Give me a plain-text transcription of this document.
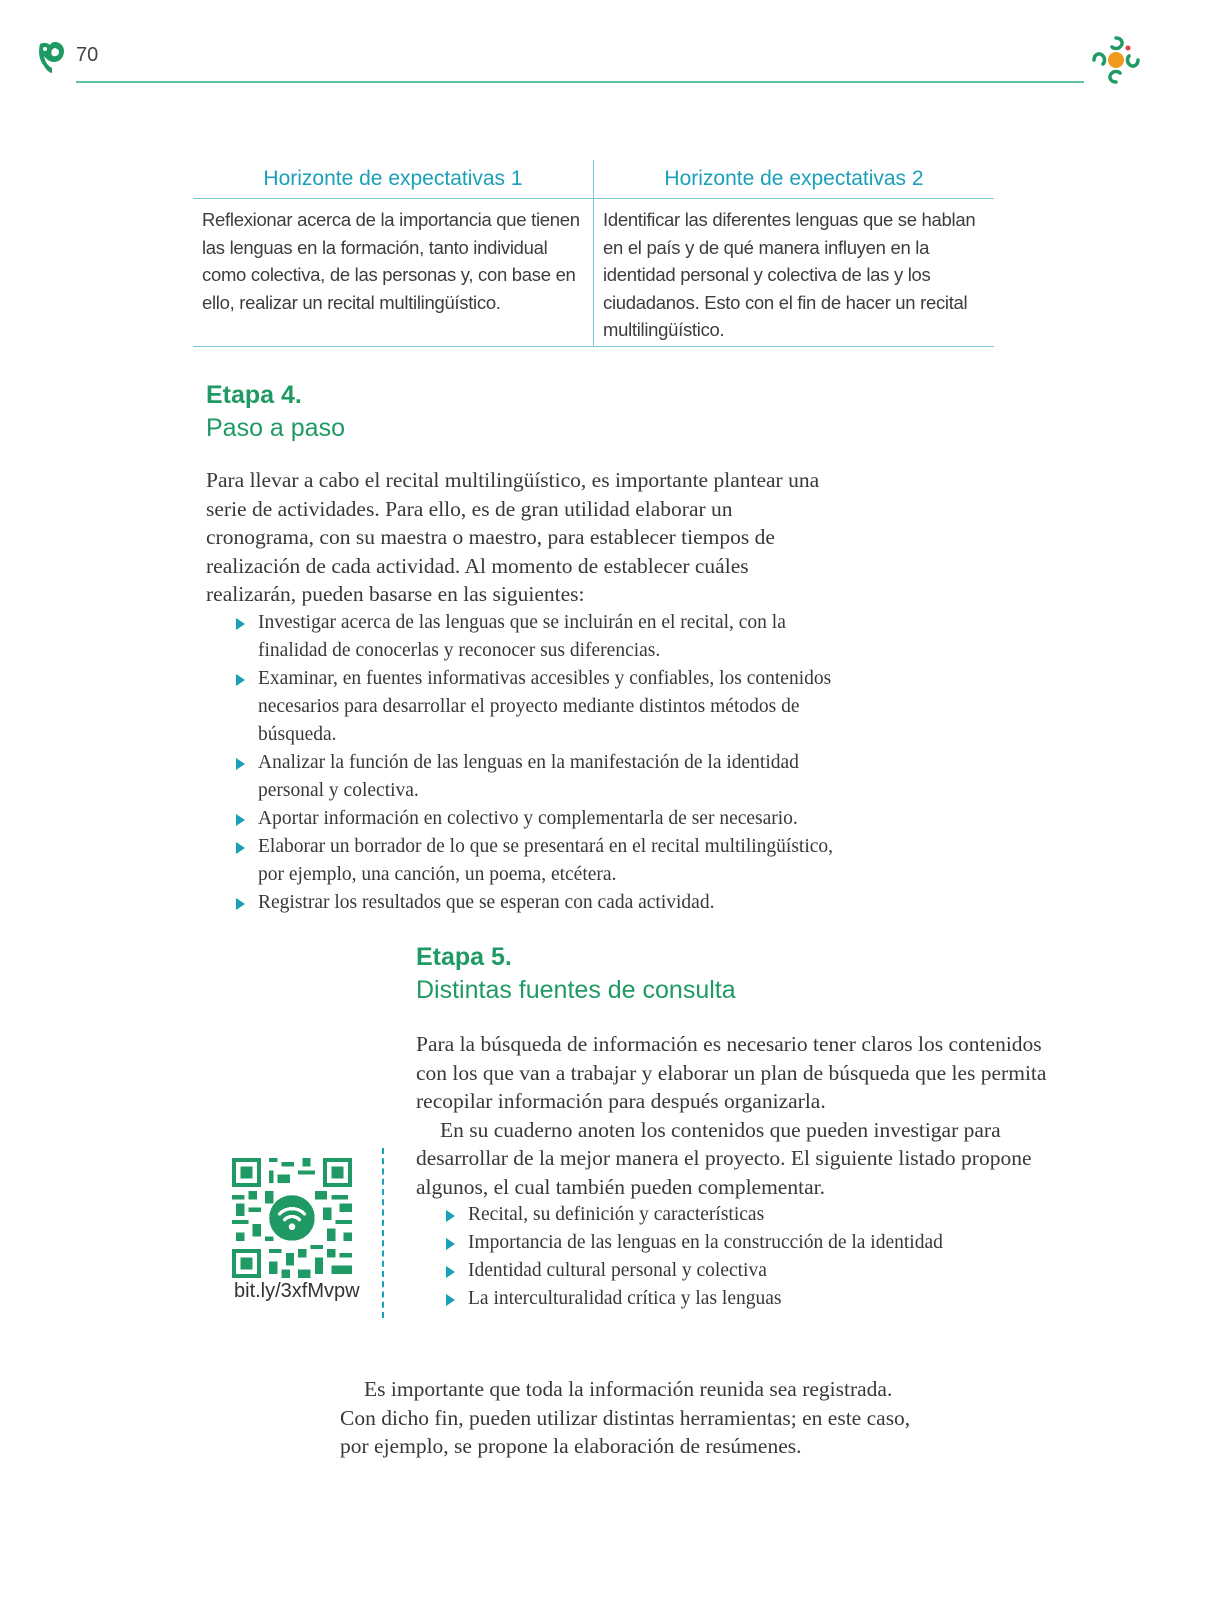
70
Horizonte de expectativas 1	Horizonte de expectativas 2
Reflexionar acerca de la importancia que tienen las lenguas en la formación, tanto individual como colectiva, de las personas y, con base en ello, realizar un recital multilingüístico.	Identificar las diferentes lenguas que se hablan en el país y de qué manera influyen en la identidad personal y colectiva de las y los ciudadanos. Esto con el fin de hacer un recital multilingüístico.
Etapa 4.
Paso a paso

Para llevar a cabo el recital multilingüístico, es importante plantear una serie de actividades. Para ello, es de gran utilidad elaborar un cronograma, con su maestra o maestro, para establecer tiempos de realización de cada actividad. Al momento de establecer cuáles realizarán, pueden basarse en las siguientes:

Investigar acerca de las lenguas que se incluirán en el recital, con la finalidad de conocerlas y reconocer sus diferencias.
Examinar, en fuentes informativas accesibles y confiables, los contenidos necesarios para desarrollar el proyecto mediante distintos métodos de búsqueda.
Analizar la función de las lenguas en la manifestación de la identidad personal y colectiva.
Aportar información en colectivo y complementarla de ser necesario.
Elaborar un borrador de lo que se presentará en el recital multilingüístico, por ejemplo, una canción, un poema, etcétera.
Registrar los resultados que se esperan con cada actividad.
Etapa 5.
Distintas fuentes de consulta

Para la búsqueda de información es necesario tener claros los contenidos con los que van a trabajar y elaborar un plan de búsqueda que les permita recopilar información para después organizarla.

En su cuaderno anoten los contenidos que pueden investigar para desarrollar de la mejor manera el proyecto. El siguiente listado propone algunos, el cual también pueden complementar.

Recital, su definición y características
Importancia de las lenguas en la construcción de la identidad
Identidad cultural personal y colectiva
La interculturalidad crítica y las lenguas
bit.ly/3xfMvpw

Es importante que toda la información reunida sea registrada. Con dicho fin, pueden utilizar distintas herramientas; en este caso, por ejemplo, se propone la elaboración de resúmenes.
